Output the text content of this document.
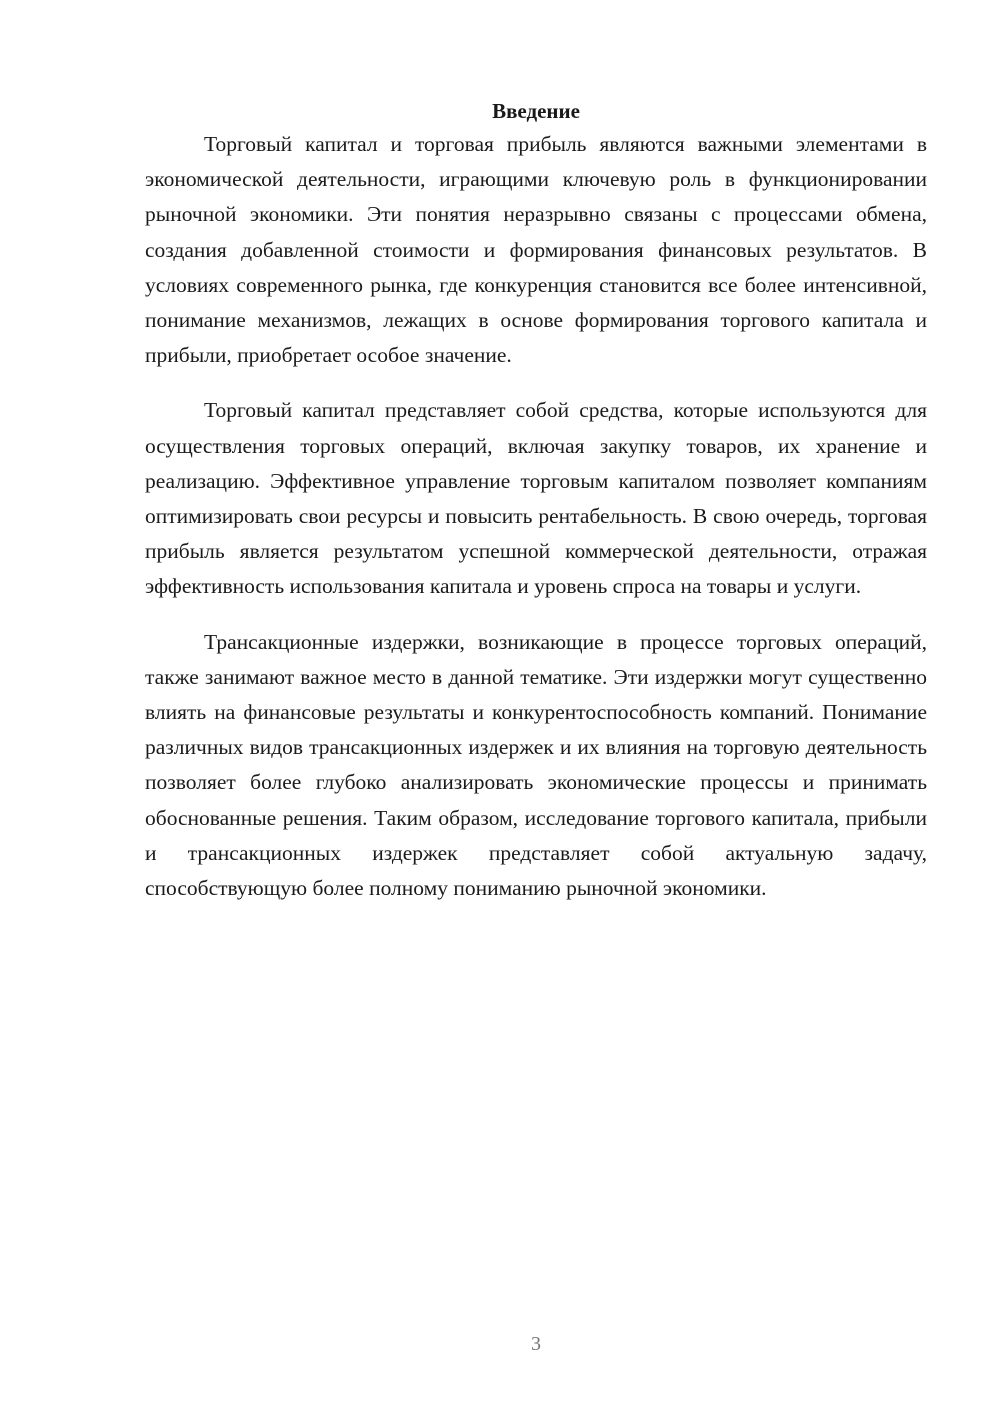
Введение

Торговый капитал и торговая прибыль являются важными элементами в экономической деятельности, играющими ключевую роль в функционировании рыночной экономики. Эти понятия неразрывно связаны с процессами обмена, создания добавленной стоимости и формирования финансовых результатов. В условиях современного рынка, где конкуренция становится все более интенсивной, понимание механизмов, лежащих в основе формирования торгового капитала и прибыли, приобретает особое значение.

Торговый капитал представляет собой средства, которые используются для осуществления торговых операций, включая закупку товаров, их хранение и реализацию. Эффективное управление торговым капиталом позволяет компаниям оптимизировать свои ресурсы и повысить рентабельность. В свою очередь, торговая прибыль является результатом успешной коммерческой деятельности, отражая эффективность использования капитала и уровень спроса на товары и услуги.

Трансакционные издержки, возникающие в процессе торговых операций, также занимают важное место в данной тематике. Эти издержки могут существенно влиять на финансовые результаты и конкурентоспособность компаний. Понимание различных видов трансакционных издержек и их влияния на торговую деятельность позволяет более глубоко анализировать экономические процессы и принимать обоснованные решения. Таким образом, исследование торгового капитала, прибыли и трансакционных издержек представляет собой актуальную задачу, способствующую более полному пониманию рыночной экономики.

3
